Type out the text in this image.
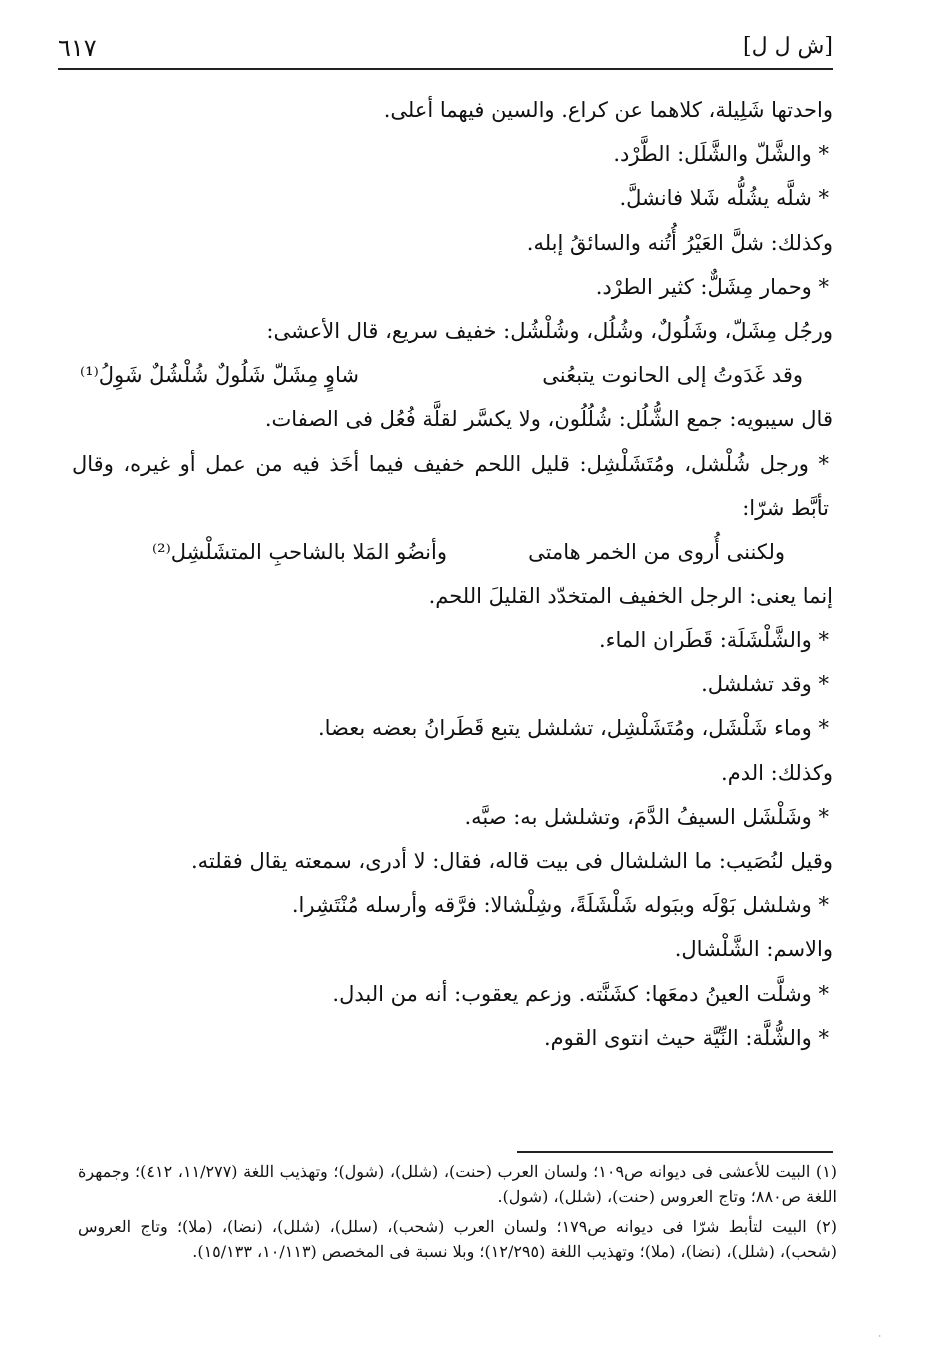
٦١٧	[ش ل ل]
واحدتها شَلِيلة، كلاهما عن كراع. والسين فيهما أعلى.
* والشَّلّ والشَّلَل: الطَّرْد.
* شلَّه يشُلُّه شَلا فانشلَّ.
وكذلك: شلَّ العَيْرُ أُتُنه والسائقُ إبله.
* وحمار مِشَلٌّ: كثير الطرْد.
ورجُل مِشَلّ، وشَلُولٌ، وشُلُل، وشُلْشُل: خفيف سريع، قال الأعشى:
وقد غَدَوتُ إلى الحانوت يتبعُنى
شاوٍ مِشَلّ شَلُولٌ شُلْشُلٌ شَوِلُ⁽¹⁾
قال سيبويه: جمع الشُّلُل: شُلُلُون، ولا يكسَّر لقلَّة فُعُل فى الصفات.
* ورجل شُلْشل، ومُتَشَلْشِل: قليل اللحم خفيف فيما أخَذ فيه من عمل أو غيره، وقال تأبَّط شرّا:
ولكننى أُروى من الخمر هامتى
وأنضُو المَلا بالشاحبِ المتشَلْشِل⁽²⁾
إنما يعنى: الرجل الخفيف المتخدّد القليلَ اللحم.
* والشَّلْشَلَة: قَطَران الماء.
* وقد تشلشل.
* وماء شَلْشَل، ومُتَشَلْشِل، تشلشل يتبع قَطَرانُ بعضه بعضا.
وكذلك: الدم.
* وشَلْشَل السيفُ الدَّمَ، وتشلشل به: صبَّه.
وقيل لنُصَيب: ما الشلشال فى بيت قاله، فقال: لا أدرى، سمعته يقال فقلته.
* وشلشل بَوْلَه وببَوله شَلْشَلَةً، وشِلْشالا: فرَّقه وأرسله مُنْتَشِرا.
والاسم: الشَّلْشال.
* وشلَّت العينُ دمعَها: كشَنَّته. وزعم يعقوب: أنه من البدل.
* والشُّلَّة: النِّيَّة حيث انتوى القوم.
(١) البيت للأعشى فى ديوانه ص١٠٩؛ ولسان العرب (حنت)، (شلل)، (شول)؛ وتهذيب اللغة (١١/٢٧٧، ٤١٢)؛ وجمهرة اللغة ص٨٨٠؛ وتاج العروس (حنت)، (شلل)، (شول).
(٢) البيت لتأبط شرّا فى ديوانه ص١٧٩؛ ولسان العرب (شحب)، (سلل)، (شلل)، (نضا)، (ملا)؛ وتاج العروس (شحب)، (شلل)، (نضا)، (ملا)؛ وتهذيب اللغة (١٢/٢٩٥)؛ وبلا نسبة فى المخصص (١٠/١١٣، ١٥/١٣٣).
·
